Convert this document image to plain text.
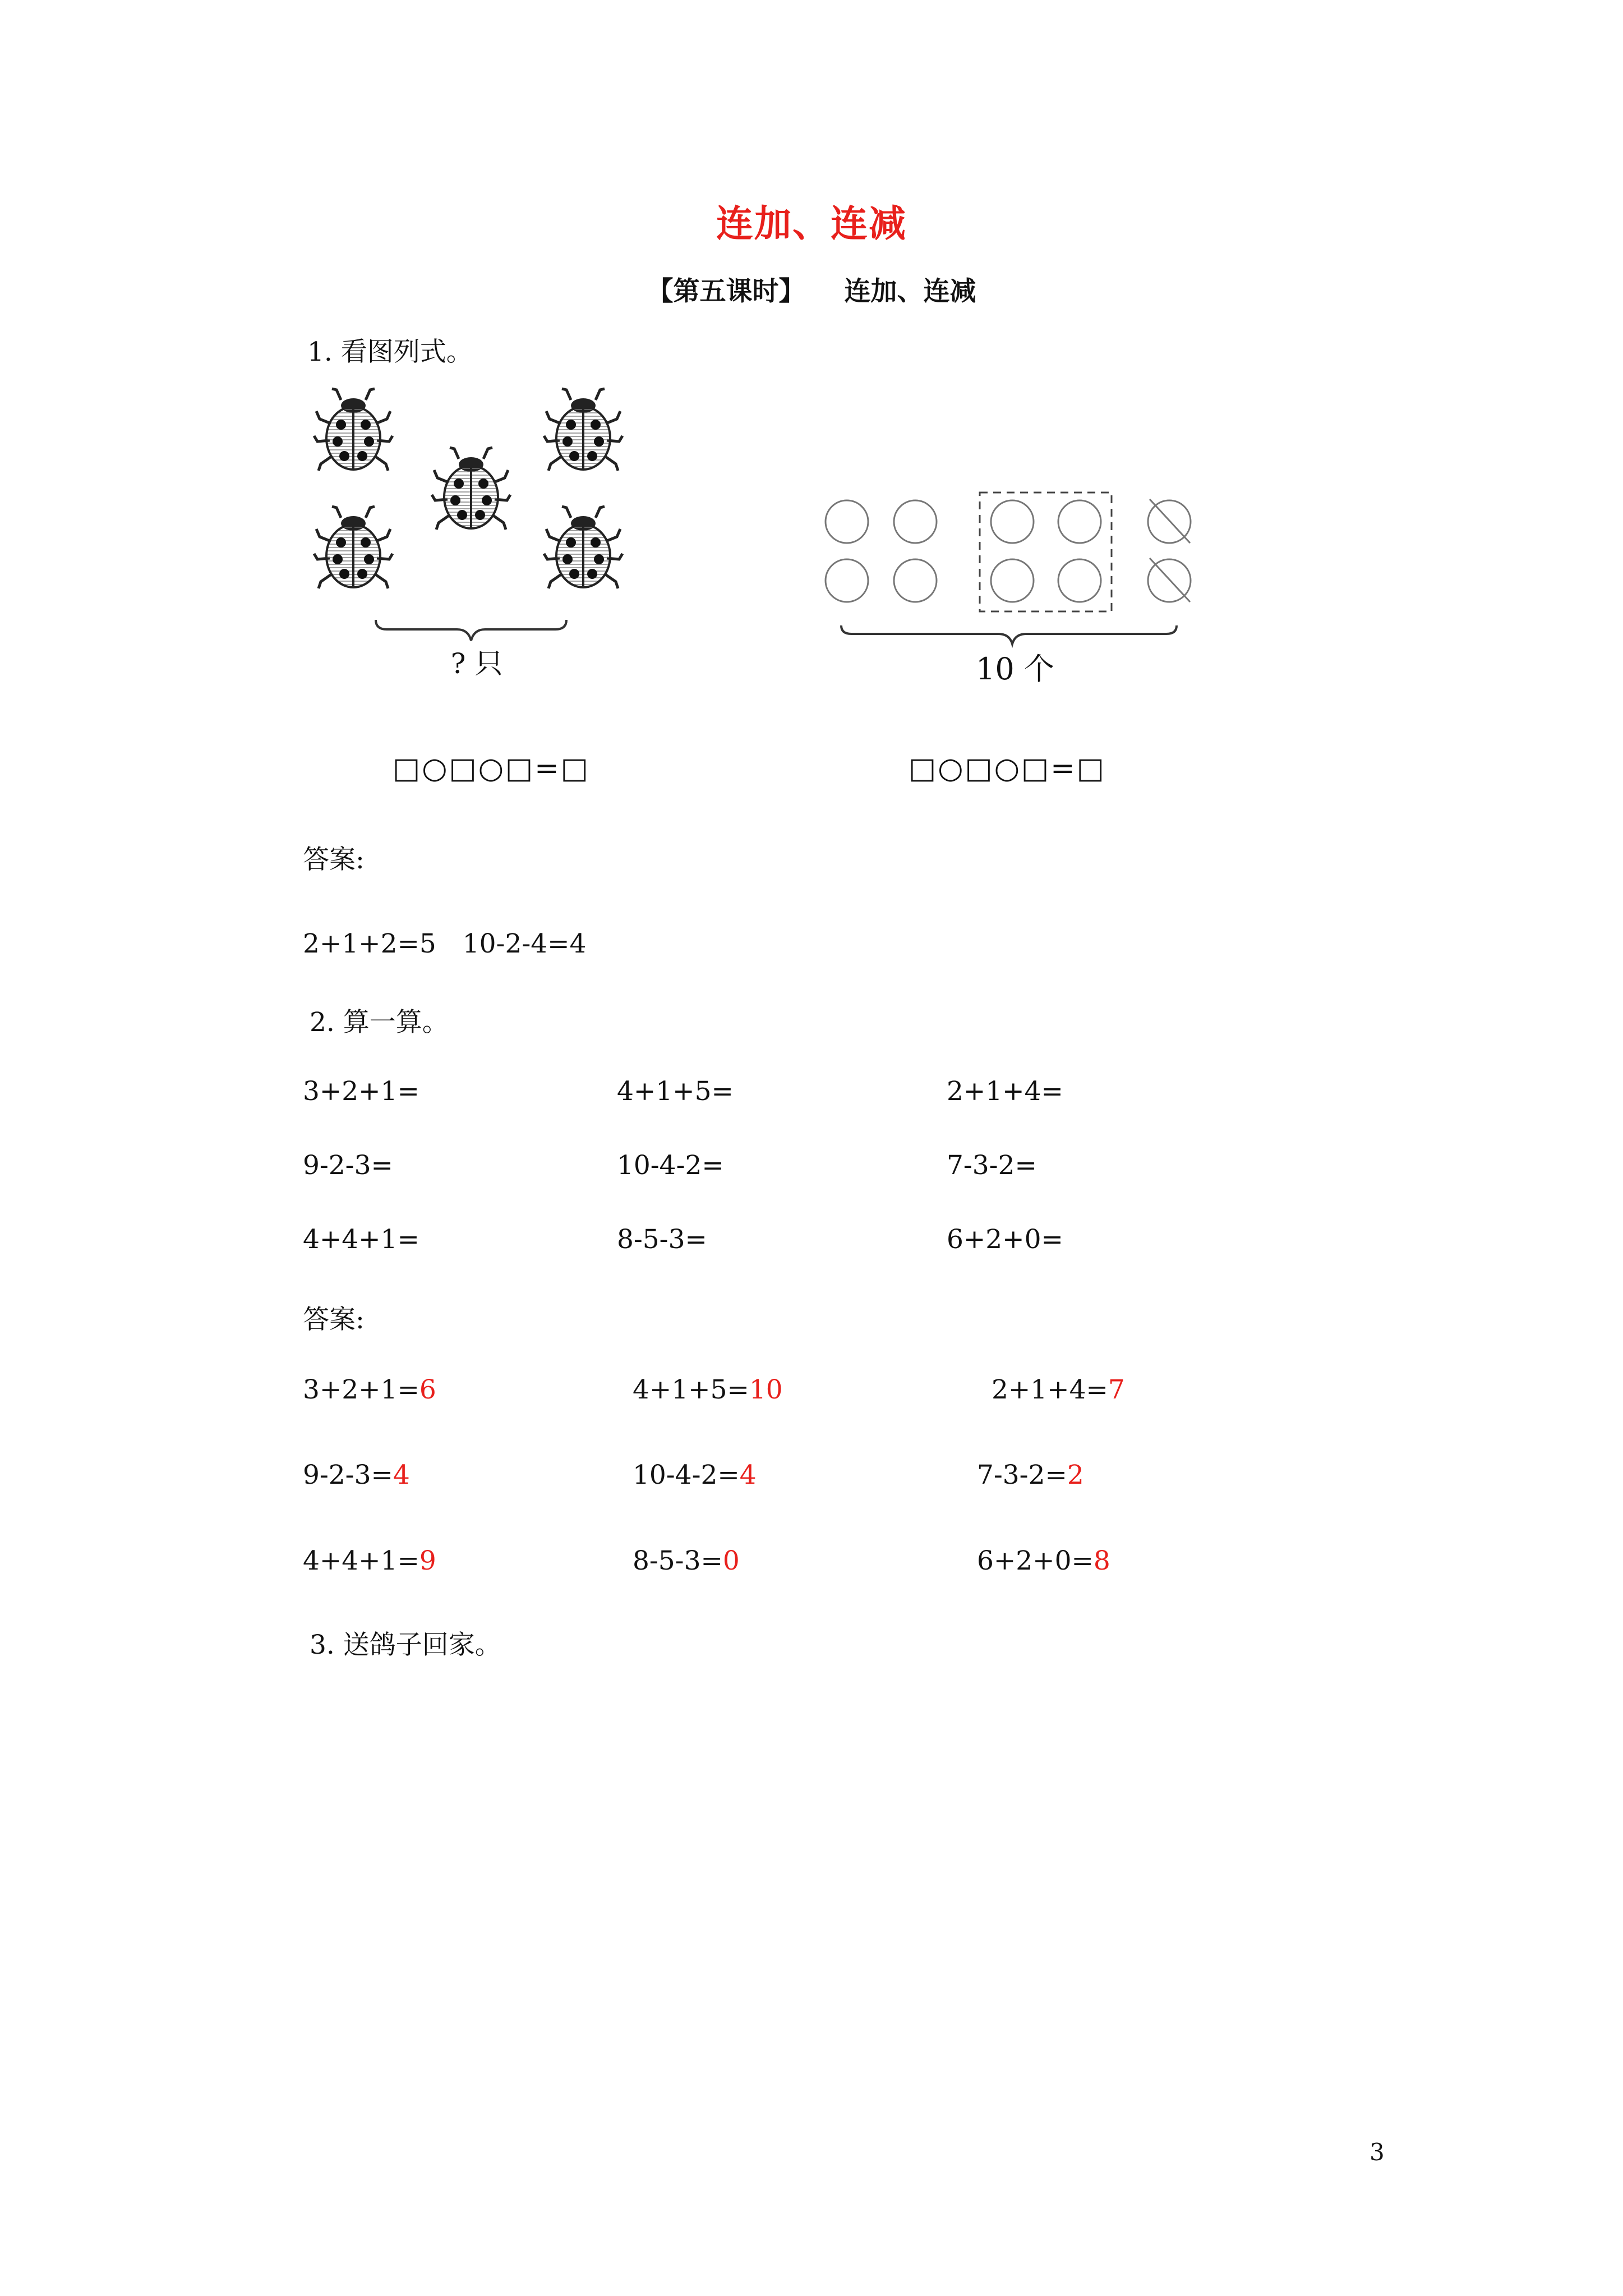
连加、连减
【第五课时】 连加、连减
1. 看图列式。
? 只	10 个
□○□○□=□	□○□○□=□
答案:
2+1+2=5　10-2-4=4
2. 算一算。
3+2+1=	4+1+5=	2+1+4=
9-2-3=	10-4-2=	7-3-2=
4+4+1=	8-5-3=	6+2+0=
答案:
3+2+1=6	4+1+5=10	2+1+4=7
9-2-3=4	10-4-2=4	7-3-2=2
4+4+1=9	8-5-3=0	6+2+0=8
3. 送鸽子回家。
3
